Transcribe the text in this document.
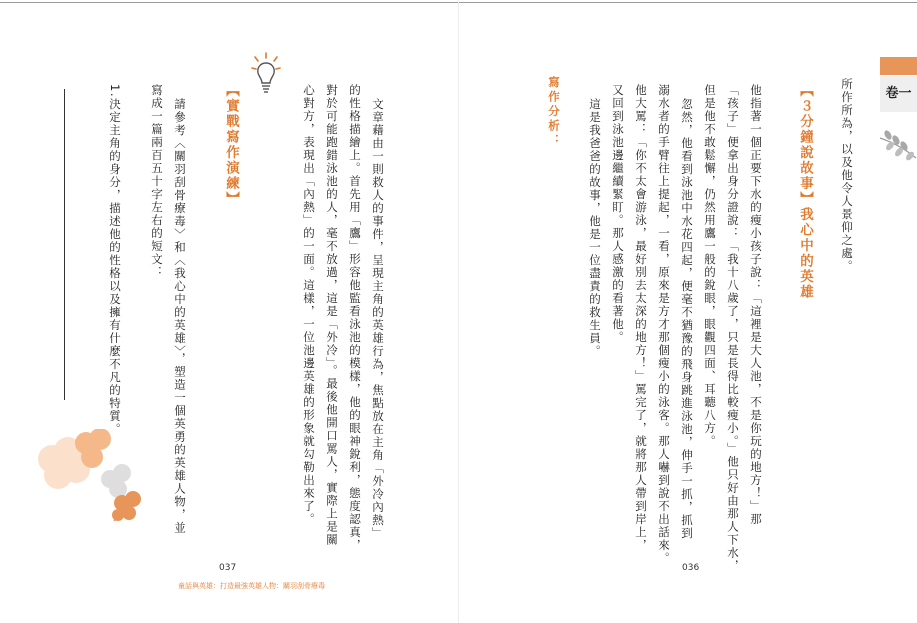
卷一
所作所為，以及他令人景仰之處。
【３分鐘說故事】我心中的英雄
他指著一個正要下水的瘦小孩子說：「這裡是大人池，不是你玩的地方！」那
「孩子」便拿出身分證說：「我十八歲了，只是長得比較瘦小。」他只好由那人下水，
但是他不敢鬆懈，仍然用鷹一般的銳眼，眼觀四面、耳聽八方。
忽然，他看到泳池中水花四起，便毫不猶豫的飛身跳進泳池，伸手一抓，抓到
溺水者的手臂往上提起，一看，原來是方才那個瘦小的泳客。那人嚇到說不出話來。
他大罵：「你不太會游泳，最好別去太深的地方！」罵完了，就將那人帶到岸上，
又回到泳池邊繼續緊盯。那人感激的看著他。
這是我爸爸的故事，他是一位盡責的救生員。
寫作分析：
036
文章藉由一則救人的事件，呈現主角的英雄行為，焦點放在主角「外冷內熱」
的性格描繪上。首先用「鷹」形容他監看泳池的模樣，他的眼神銳利，態度認真，
對於可能跑錯泳池的人，毫不放過，這是「外冷」。最後他開口罵人，實際上是關
心對方，表現出「內熱」的一面。這樣，一位池邊英雄的形象就勾勒出來了。
【實戰寫作演練】
請參考〈關羽刮骨療毒〉和〈我心中的英雄〉，塑造一個英勇的英雄人物，並
寫成一篇兩百五十字左右的短文：
1.決定主角的身分，描述他的性格以及擁有什麼不凡的特質。
037
童話與英雄：打造最強英雄人物：關羽刮骨療毒
